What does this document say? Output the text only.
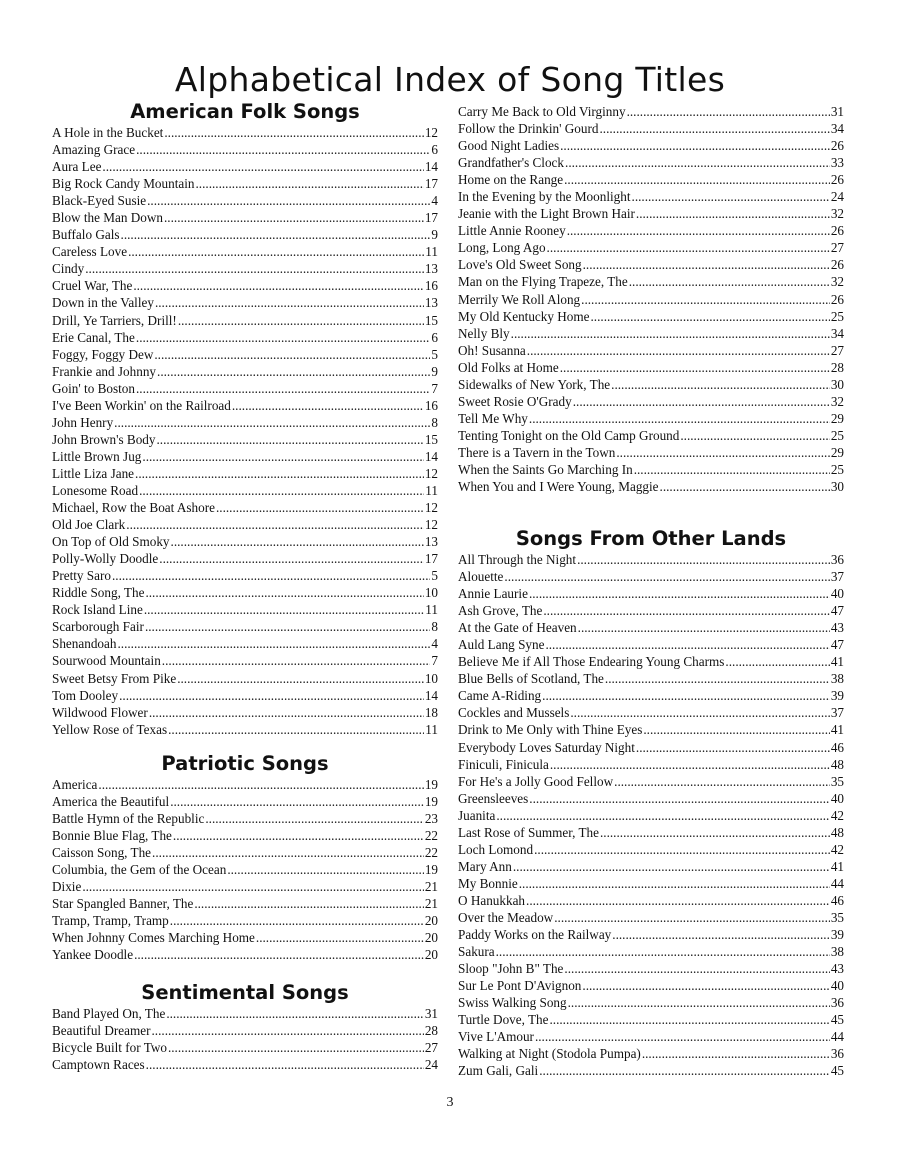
Alphabetical Index of Song Titles
American Folk Songs
A Hole in the Bucket .....	12
Amazing Grace .....	6
Aura Lee .....	14
Big Rock Candy Mountain .....	17
Black-Eyed Susie .....	4
Blow the Man Down .....	17
Buffalo Gals .....	9
Careless Love .....	11
Cindy .....	13
Cruel War, The .....	16
Down in the Valley .....	13
Drill, Ye Tarriers, Drill! .....	15
Erie Canal, The .....	6
Foggy, Foggy Dew .....	5
Frankie and Johnny .....	9
Goin' to Boston .....	7
I've Been Workin' on the Railroad .....	16
John Henry .....	8
John Brown's Body .....	15
Little Brown Jug .....	14
Little Liza Jane .....	12
Lonesome Road .....	11
Michael, Row the Boat Ashore .....	12
Old Joe Clark .....	12
On Top of Old Smoky .....	13
Polly-Wolly Doodle .....	17
Pretty Saro .....	5
Riddle Song, The .....	10
Rock Island Line .....	11
Scarborough Fair .....	8
Shenandoah .....	4
Sourwood Mountain .....	7
Sweet Betsy From Pike .....	10
Tom Dooley .....	14
Wildwood Flower .....	18
Yellow Rose of Texas .....	11
Patriotic Songs
America .....	19
America the Beautiful .....	19
Battle Hymn of the Republic .....	23
Bonnie Blue Flag, The .....	22
Caisson Song, The .....	22
Columbia, the Gem of the Ocean .....	19
Dixie .....	21
Star Spangled Banner, The .....	21
Tramp, Tramp, Tramp .....	20
When Johnny Comes Marching Home .....	20
Yankee Doodle .....	20
Sentimental Songs
Band Played On, The .....	31
Beautiful Dreamer .....	28
Bicycle Built for Two .....	27
Camptown Races .....	24
Carry Me Back to Old Virginny .....	31
Follow the Drinkin' Gourd .....	34
Good Night Ladies .....	26
Grandfather's Clock .....	33
Home on the Range .....	26
In the Evening by the Moonlight .....	24
Jeanie with the Light Brown Hair .....	32
Little Annie Rooney .....	26
Long, Long Ago .....	27
Love's Old Sweet Song .....	26
Man on the Flying Trapeze, The .....	32
Merrily We Roll Along .....	26
My Old Kentucky Home .....	25
Nelly Bly .....	34
Oh! Susanna .....	27
Old Folks at Home .....	28
Sidewalks of New York, The .....	30
Sweet Rosie O'Grady .....	32
Tell Me Why .....	29
Tenting Tonight on the Old Camp Ground .....	25
There is a Tavern in the Town .....	29
When the Saints Go Marching In .....	25
When You and I Were Young, Maggie .....	30
Songs From Other Lands
All Through the Night .....	36
Alouette .....	37
Annie Laurie .....	40
Ash Grove, The .....	47
At the Gate of Heaven .....	43
Auld Lang Syne .....	47
Believe Me if All Those Endearing Young Charms .....	41
Blue Bells of Scotland, The .....	38
Came A-Riding .....	39
Cockles and Mussels .....	37
Drink to Me Only with Thine Eyes .....	41
Everybody Loves Saturday Night .....	46
Finiculi, Finicula .....	48
For He's a Jolly Good Fellow .....	35
Greensleeves .....	40
Juanita .....	42
Last Rose of Summer, The .....	48
Loch Lomond .....	42
Mary Ann .....	41
My Bonnie .....	44
O Hanukkah .....	46
Over the Meadow .....	35
Paddy Works on the Railway .....	39
Sakura .....	38
Sloop "John B" The .....	43
Sur Le Pont D'Avignon .....	40
Swiss Walking Song .....	36
Turtle Dove, The .....	45
Vive L'Amour .....	44
Walking at Night (Stodola Pumpa) .....	36
Zum Gali, Gali .....	45
3
